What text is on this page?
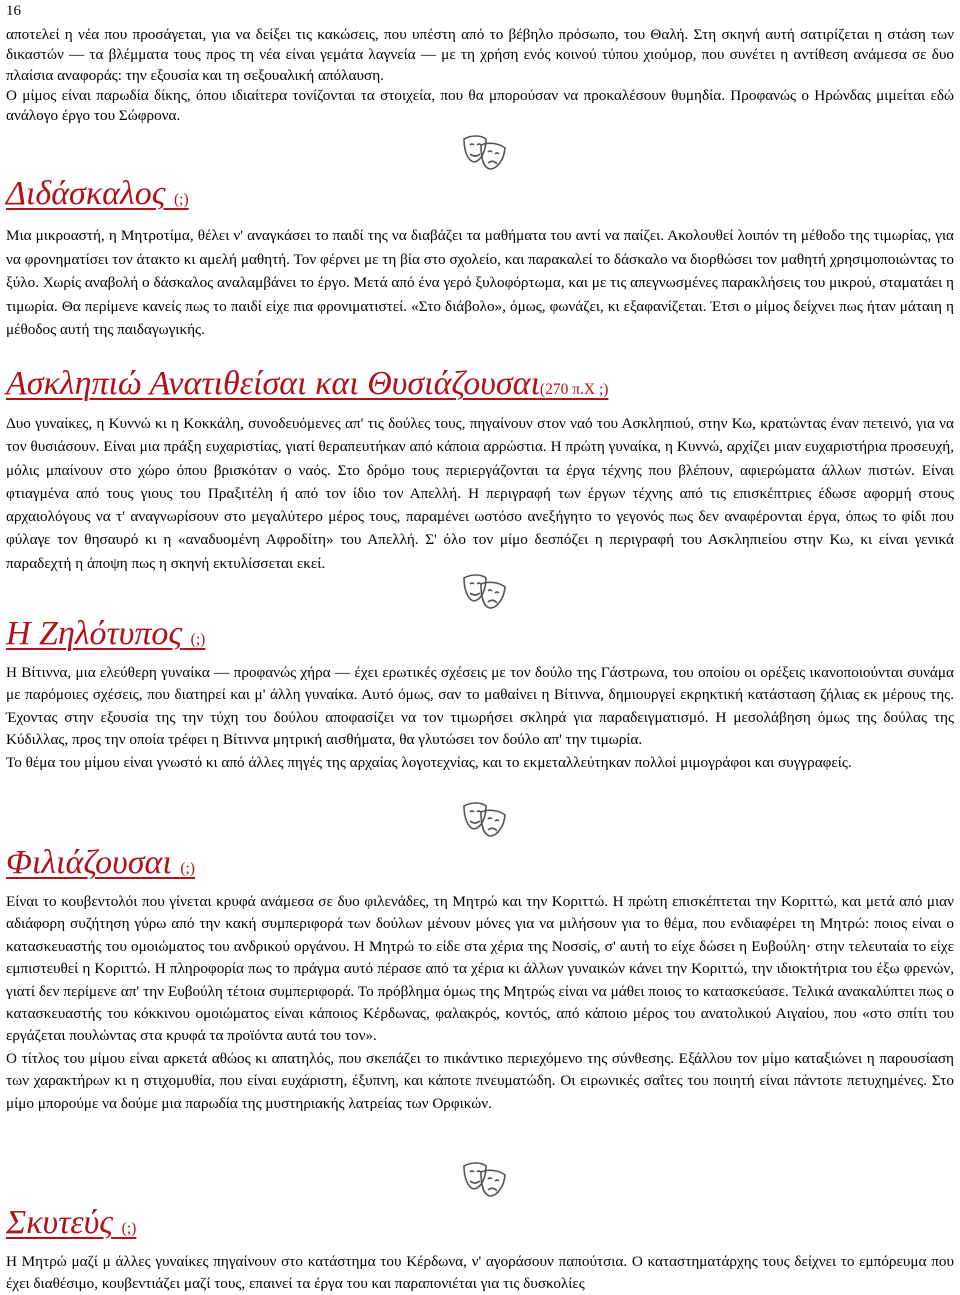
16

αποτελεί η νέα που προσάγεται, για να δείξει τις κακώσεις, που υπέστη από το βέβηλο πρόσωπο, του Θαλή. Στη σκηνή αυτή σατιρίζεται η στάση των δικαστών ― τα βλέμματα τους προς τη νέα είναι γεμάτα λαγνεία ― με τη χρήση ενός κοινού τύπου χιούμορ, που συνέτει η αντίθεση ανάμεσα σε δυο πλαίσια αναφοράς: την εξουσία και τη σεξουαλική απόλαυση.

Ο μίμος είναι παρωδία δίκης, όπου ιδιαίτερα τονίζονται τα στοιχεία, που θα μπορούσαν να προκαλέσουν θυμηδία. Προφανώς ο Ηρώνδας μιμείται εδώ ανάλογο έργο του Σώφρονα.

Διδάσκαλος (;)

Μια μικροαστή, η Μητροτίμα, θέλει ν' αναγκάσει το παιδί της να διαβάζει τα μαθήματα του αντί να παίζει. Ακολουθεί λοιπόν τη μέθοδο της τιμωρίας, για να φρονηματίσει τον άτακτο κι αμελή μαθητή. Τον φέρνει με τη βία στο σχολείο, και παρακαλεί το δάσκαλο να διορθώσει τον μαθητή χρησιμοποιώντας το ξύλο. Χωρίς αναβολή ο δάσκαλος αναλαμβάνει το έργο. Μετά από ένα γερό ξυλοφόρτωμα, και με τις απεγνωσμένες παρακλήσεις του μικρού, σταματάει η τιμωρία. Θα περίμενε κανείς πως το παιδί είχε πια φρονιματιστεί. «Στο διάβολο», όμως, φωνάζει, κι εξαφανίζεται. Έτσι ο μίμος δείχνει πως ήταν μάταιη η μέθοδος αυτή της παιδαγωγικής.

Ασκληπιώ Ανατιθείσαι και Θυσιάζουσαι(270 π.Χ ;)

Δυο γυναίκες, η Κυννώ κι η Κοκκάλη, συνοδευόμενες απ' τις δούλες τους, πηγαίνουν στον ναό του Ασκληπιού, στην Κω, κρατώντας έναν πετεινό, για να τον θυσιάσουν. Είναι μια πράξη ευχαριστίας, γιατί θεραπευτήκαν από κάποια αρρώστια. Η πρώτη γυναίκα, η Κυννώ, αρχίζει μιαν ευχαριστήρια προσευχή, μόλις μπαίνουν στο χώρο όπου βρισκόταν ο ναός. Στο δρόμο τους περιεργάζονται τα έργα τέχνης που βλέπουν, αφιερώματα άλλων πιστών. Είναι φτιαγμένα από τους γιους του Πραξιτέλη ή από τον ίδιο τον Απελλή. Η περιγραφή των έργων τέχνης από τις επισκέπτριες έδωσε αφορμή στους αρχαιολόγους να τ' αναγνωρίσουν στο μεγαλύτερο μέρος τους, παραμένει ωστόσο ανεξήγητο το γεγονός πως δεν αναφέρονται έργα, όπως το φίδι που φύλαγε τον θησαυρό κι η «αναδυομένη Αφροδίτη» του Απελλή. Σ' όλο τον μίμο δεσπόζει η περιγραφή του Ασκληπιείου στην Κω, κι είναι γενικά παραδεχτή η άποψη πως η σκηνή εκτυλίσσεται εκεί.

Η Ζηλότυπος (;)

Η Βίτιννα, μια ελεύθερη γυναίκα ― προφανώς χήρα ― έχει ερωτικές σχέσεις με τον δούλο της Γάστρωνα, του οποίου οι ορέξεις ικανοποιούνται συνάμα με παρόμοιες σχέσεις, που διατηρεί και μ' άλλη γυναίκα. Αυτό όμως, σαν το μαθαίνει η Βίτιννα, δημιουργεί εκρηκτική κατάσταση ζήλιας εκ μέρους της. Έχοντας στην εξουσία της την τύχη του δούλου αποφασίζει να τον τιμωρήσει σκληρά για παραδειγματισμό. Η μεσολάβηση όμως της δούλας της Κύδιλλας, προς την οποία τρέφει η Βίτιννα μητρική αισθήματα, θα γλυτώσει τον δούλο απ' την τιμωρία.

Το θέμα του μίμου είναι γνωστό κι από άλλες πηγές της αρχαίας λογοτεχνίας, και το εκμεταλλεύτηκαν πολλοί μιμογράφοι και συγγραφείς.

Φιλιάζουσαι (;)

Είναι το κουβεντολόι που γίνεται κρυφά ανάμεσα σε δυο φιλενάδες, τη Μητρώ και την Κοριττώ. Η πρώτη επισκέπτεται την Κοριττώ, και μετά από μιαν αδιάφορη συζήτηση γύρω από την κακή συμπεριφορά των δούλων μένουν μόνες για να μιλήσουν για το θέμα, που ενδιαφέρει τη Μητρώ: ποιος είναι ο κατασκευαστής του ομοιώματος του ανδρικού οργάνου. Η Μητρώ το είδε στα χέρια της Νοσσίς, σ' αυτή το είχε δώσει η Ευβούλη· στην τελευταία το είχε εμπιστευθεί η Κοριττώ. Η πληροφορία πως το πράγμα αυτό πέρασε από τα χέρια κι άλλων γυναικών κάνει την Κοριττώ, την ιδιοκτήτρια του έξω φρενών, γιατί δεν περίμενε απ' την Ευβούλη τέτοια συμπεριφορά. Το πρόβλημα όμως της Μητρώς είναι να μάθει ποιος το κατασκεύασε. Τελικά ανακαλύπτει πως ο κατασκευαστής του κόκκινου ομοιώματος είναι κάποιος Κέρδωνας, φαλακρός, κοντός, από κάποιο μέρος του ανατολικού Αιγαίου, που «στο σπίτι του εργάζεται πουλώντας στα κρυφά τα προϊόντα αυτά του τον».

Ο τίτλος του μίμου είναι αρκετά αθώος κι απατηλός, που σκεπάζει το πικάντικο περιεχόμενο της σύνθεσης. Εξάλλου τον μίμο καταξιώνει η παρουσίαση των χαρακτήρων κι η στιχομυθία, που είναι ευχάριστη, έξυπνη, και κάποτε πνευματώδη. Οι ειρωνικές σαΐτες του ποιητή είναι πάντοτε πετυχημένες. Στο μίμο μπορούμε να δούμε μια παρωδία της μυστηριακής λατρείας των Ορφικών.

Σκυτεύς (;)

Η Μητρώ μαζί μ άλλες γυναίκες πηγαίνουν στο κατάστημα του Κέρδωνα, ν' αγοράσουν παπούτσια. Ο καταστηματάρχης τους δείχνει το εμπόρευμα που έχει διαθέσιμο, κουβεντιάζει μαζί τους, επαινεί τα έργα του και παραπονιέται για τις δυσκολίες
